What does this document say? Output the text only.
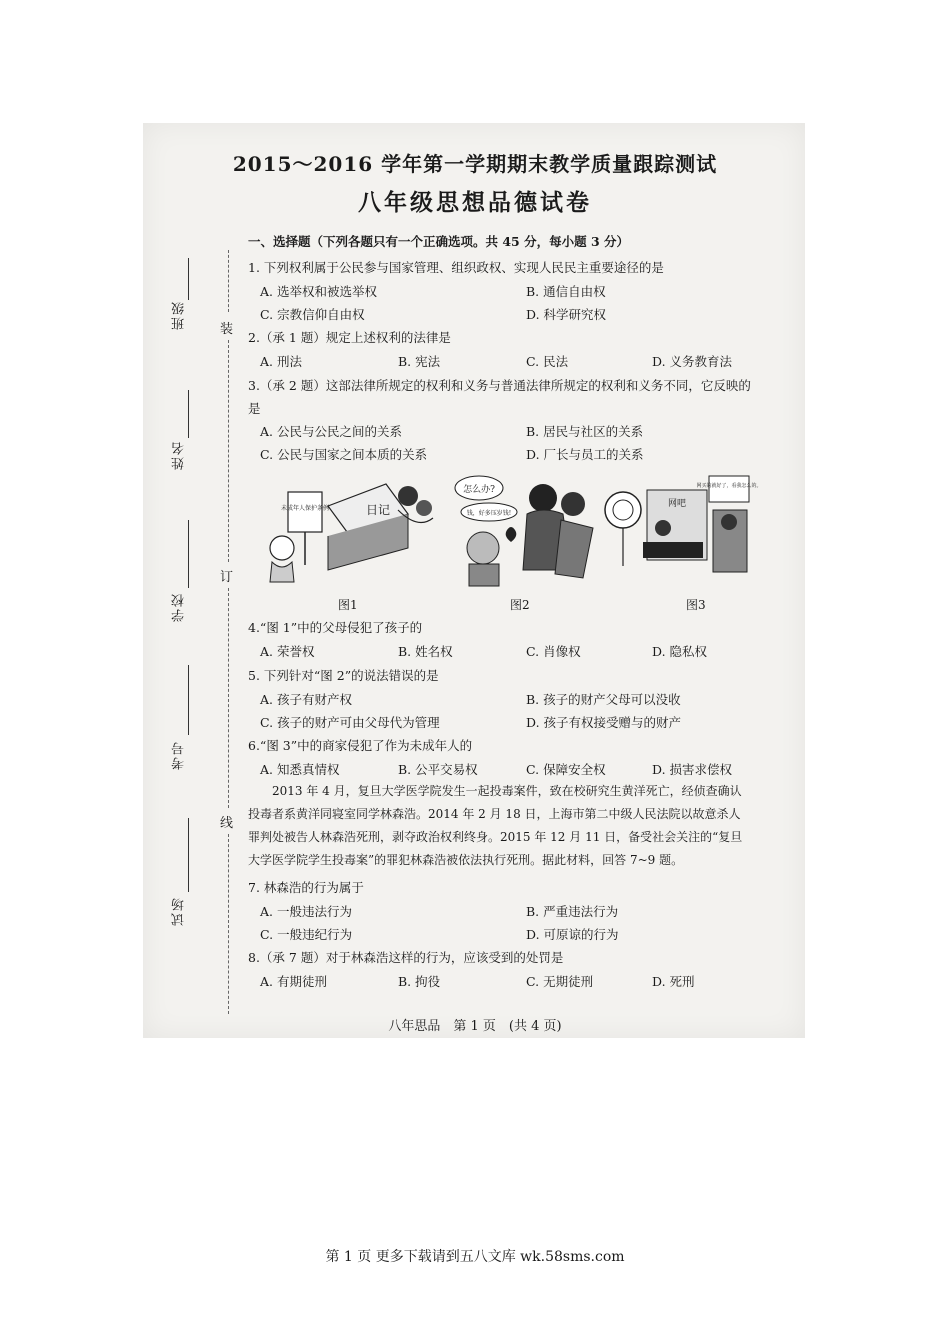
班级
姓名
学校
考号
试场
装
订
线
2015～2016 学年第一学期期末教学质量跟踪测试
八年级思想品德试卷
一、选择题（下列各题只有一个正确选项。共 45 分，每小题 3 分）
1. 下列权利属于公民参与国家管理、组织政权、实现人民民主重要途径的是
A. 选举权和被选举权	B. 通信自由权
C. 宗教信仰自由权	D. 科学研究权
2.（承 1 题）规定上述权利的法律是
A. 刑法	B. 宪法	C. 民法	D. 义务教育法
3.（承 2 题）这部法律所规定的权利和义务与普通法律所规定的权利和义务不同，它反映的
是
A. 公民与公民之间的关系	B. 居民与社区的关系
C. 公民与国家之间本质的关系	D. 厂长与员工的关系
未成年人保护条例	日记
怎么办?
钱，好多压岁钱!
网吧
网买的就好了，看我怎么的。
图1	图2	图3
4.“图 1”中的父母侵犯了孩子的
A. 荣誉权	B. 姓名权	C. 肖像权	D. 隐私权
5. 下列针对“图 2”的说法错误的是
A. 孩子有财产权	B. 孩子的财产父母可以没收
C. 孩子的财产可由父母代为管理	D. 孩子有权接受赠与的财产
6.“图 3”中的商家侵犯了作为未成年人的
A. 知悉真情权	B. 公平交易权	C. 保障安全权	D. 损害求偿权
2013 年 4 月，复旦大学医学院发生一起投毒案件，致在校研究生黄洋死亡，经侦查确认
投毒者系黄洋同寝室同学林森浩。2014 年 2 月 18 日，上海市第二中级人民法院以故意杀人
罪判处被告人林森浩死刑，剥夺政治权利终身。2015 年 12 月 11 日，备受社会关注的“复旦
大学医学院学生投毒案”的罪犯林森浩被依法执行死刑。据此材料，回答 7~9 题。
7. 林森浩的行为属于
A. 一般违法行为	B. 严重违法行为
C. 一般违纪行为	D. 可原谅的行为
8.（承 7 题）对于林森浩这样的行为，应该受到的处罚是
A. 有期徒刑	B. 拘役	C. 无期徒刑	D. 死刑
八年思品　第 1 页　(共 4 页)
第 1 页 更多下载请到五八文库 wk.58sms.com
